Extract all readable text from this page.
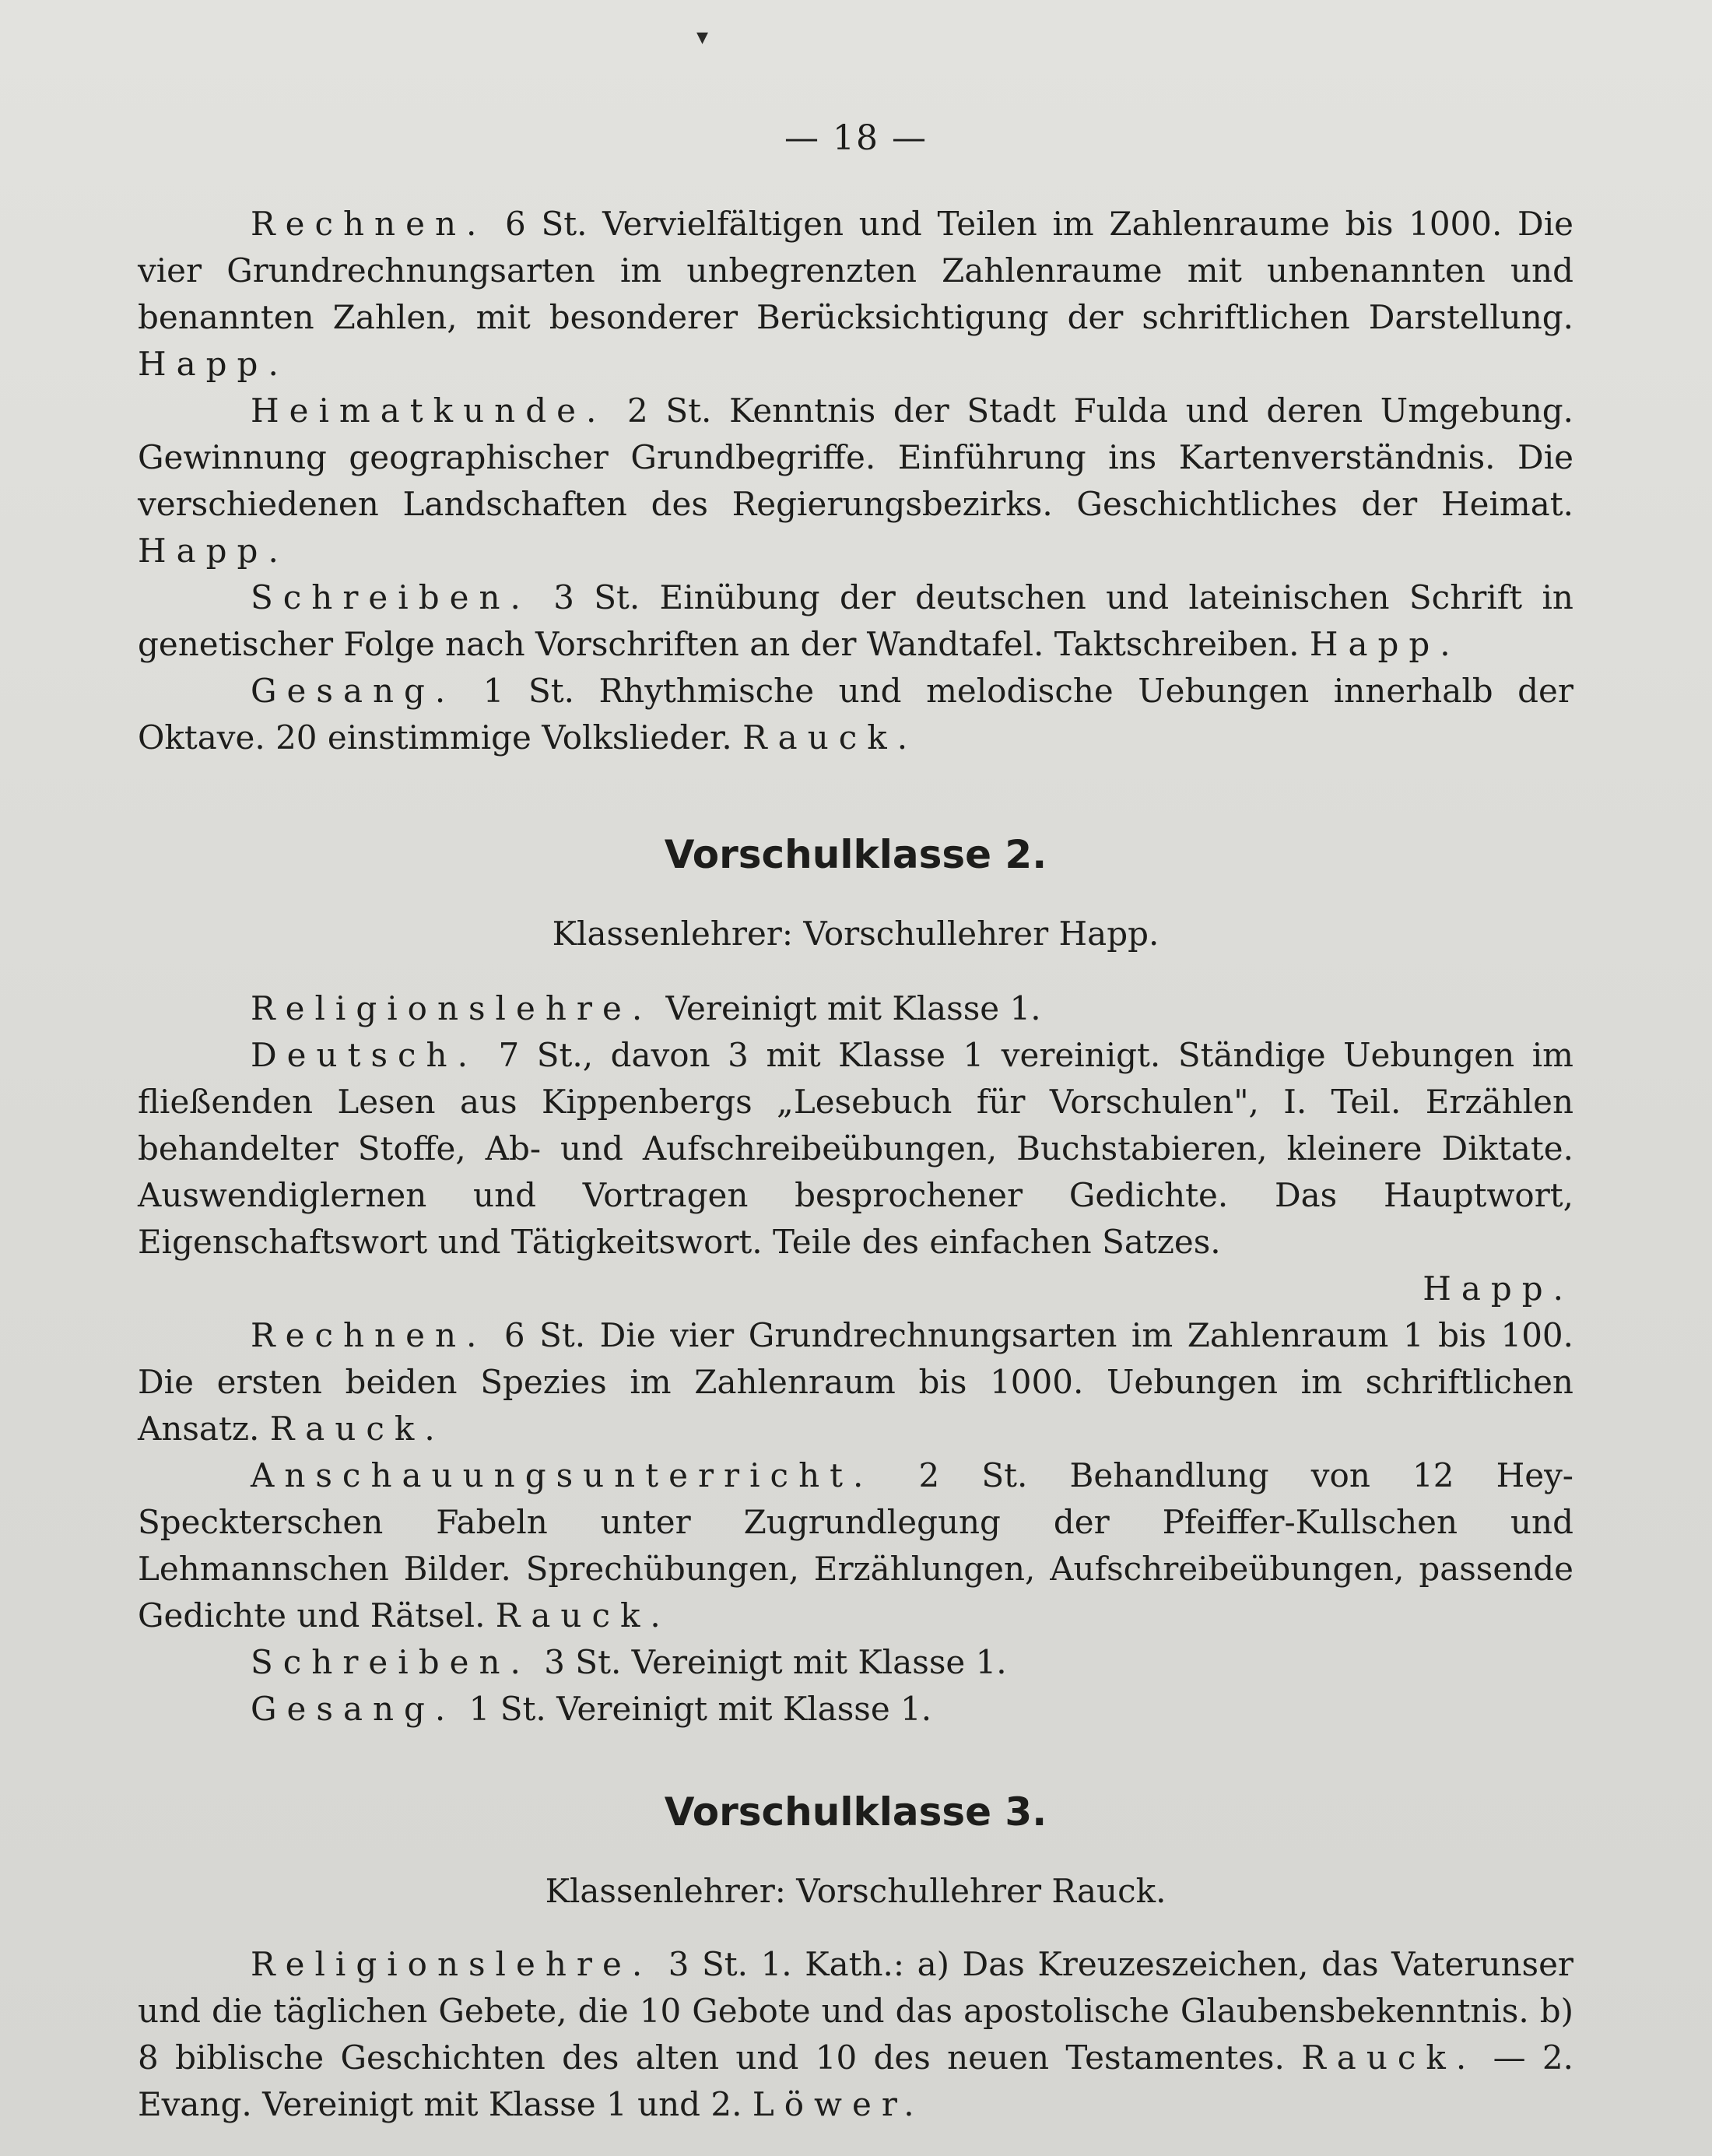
▾
— 18 —

Rechnen. 6 St. Vervielfältigen und Teilen im Zahlenraume bis 1000. Die vier Grundrechnungsarten im unbegrenzten Zahlenraume mit unbenannten und benannten Zahlen, mit besonderer Berücksichtigung der schriftlichen Darstellung. Happ.

Heimatkunde. 2 St. Kenntnis der Stadt Fulda und deren Umgebung. Gewinnung geographischer Grundbegriffe. Einführung ins Kartenverständnis. Die verschiedenen Landschaften des Regierungsbezirks. Geschichtliches der Heimat. Happ.

Schreiben. 3 St. Einübung der deutschen und lateinischen Schrift in genetischer Folge nach Vorschriften an der Wandtafel. Taktschreiben. Happ.

Gesang. 1 St. Rhythmische und melodische Uebungen innerhalb der Oktave. 20 einstimmige Volkslieder. Rauck.

Vorschulklasse 2.

Klassenlehrer: Vorschullehrer Happ.

Religionslehre. Vereinigt mit Klasse 1.

Deutsch. 7 St., davon 3 mit Klasse 1 vereinigt. Ständige Uebungen im fließenden Lesen aus Kippenbergs „Lesebuch für Vorschulen", I. Teil. Erzählen behandelter Stoffe, Ab- und Aufschreibeübungen, Buchstabieren, kleinere Diktate. Auswendiglernen und Vortragen besprochener Gedichte. Das Hauptwort, Eigenschaftswort und Tätigkeitswort. Teile des einfachen Satzes.

Happ.

Rechnen. 6 St. Die vier Grundrechnungsarten im Zahlenraum 1 bis 100. Die ersten beiden Spezies im Zahlenraum bis 1000. Uebungen im schriftlichen Ansatz. Rauck.

Anschauungsunterricht. 2 St. Behandlung von 12 Hey-Speckterschen Fabeln unter Zugrundlegung der Pfeiffer-Kullschen und Lehmannschen Bilder. Sprechübungen, Erzählungen, Aufschreibeübungen, passende Gedichte und Rätsel. Rauck.

Schreiben. 3 St. Vereinigt mit Klasse 1.

Gesang. 1 St. Vereinigt mit Klasse 1.

Vorschulklasse 3.

Klassenlehrer: Vorschullehrer Rauck.

Religionslehre. 3 St. 1. Kath.: a) Das Kreuzeszeichen, das Vaterunser und die täglichen Gebete, die 10 Gebote und das apostolische Glaubensbekenntnis. b) 8 biblische Geschichten des alten und 10 des neuen Testamentes. Rauck. — 2. Evang. Vereinigt mit Klasse 1 und 2. Löwer.
